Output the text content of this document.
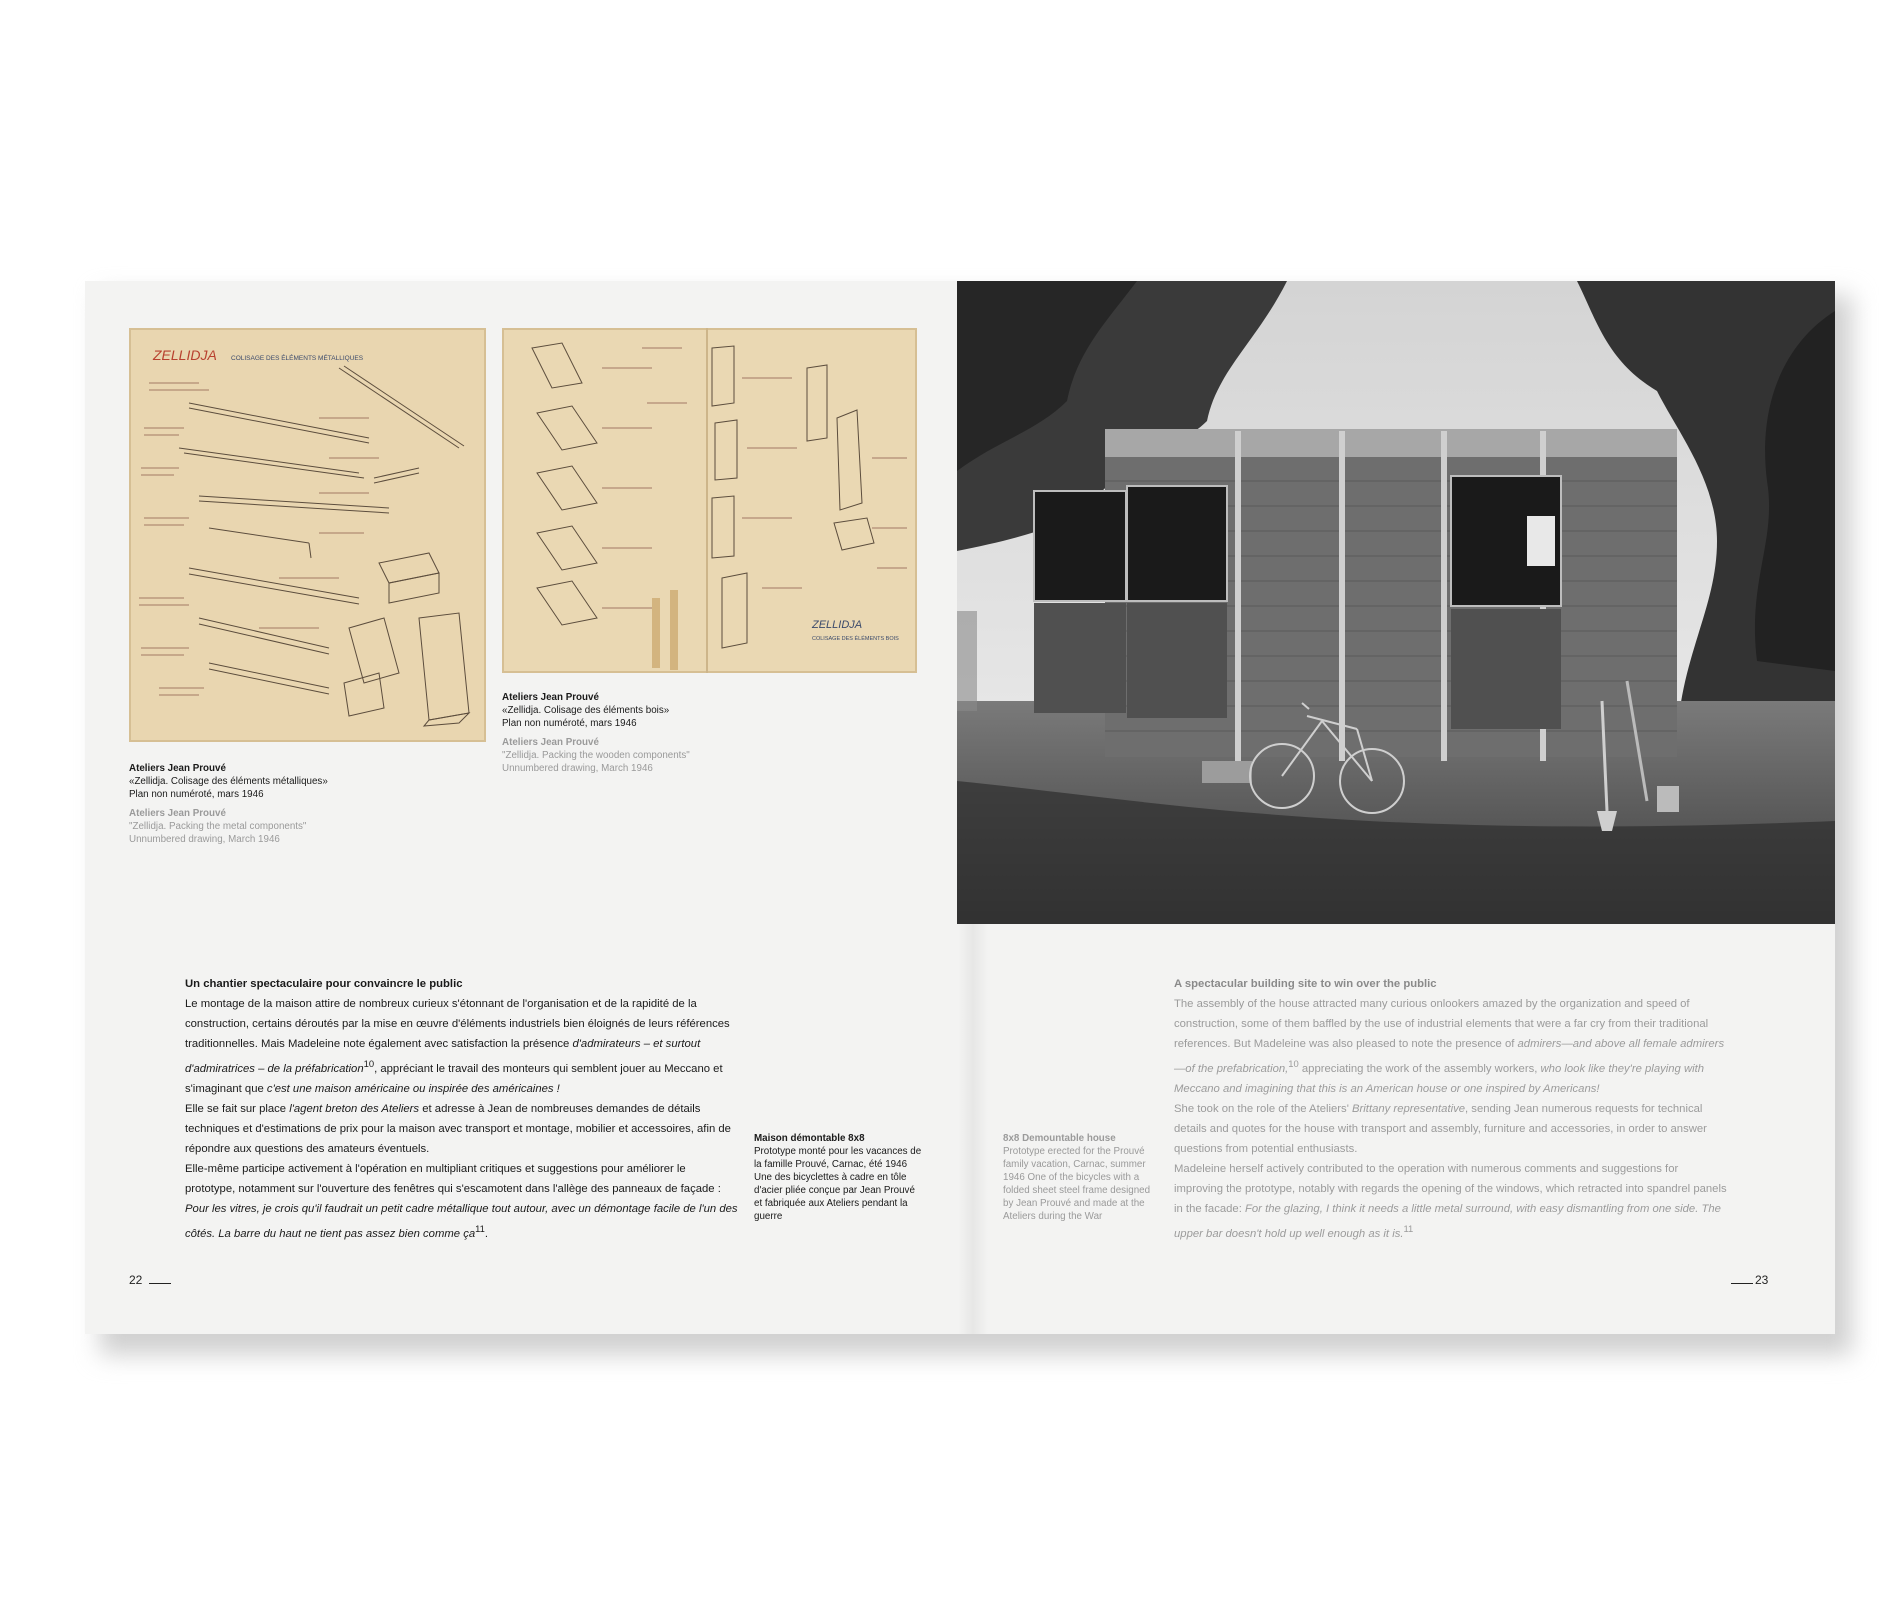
ZELLIDJA COLISAGE DES ÉLÉMENTS MÉTALLIQUES
ZELLIDJA
COLISAGE DES ÉLÉMENTS BOIS
Ateliers Jean Prouvé
«Zellidja. Colisage des éléments métalliques»
Plan non numéroté, mars 1946
Ateliers Jean Prouvé
"Zellidja. Packing the metal components"
Unnumbered drawing, March 1946
Ateliers Jean Prouvé
«Zellidja. Colisage des éléments bois»
Plan non numéroté, mars 1946
Ateliers Jean Prouvé
"Zellidja. Packing the wooden components"
Unnumbered drawing, March 1946
Un chantier spectaculaire pour convaincre le public
Le montage de la maison attire de nombreux curieux s'étonnant de l'organisation et de la rapidité de la construction, certains déroutés par la mise en œuvre d'éléments industriels bien éloignés de leurs références traditionnelles. Mais Madeleine note également avec satisfaction la présence d'admirateurs – et surtout d'admiratrices – de la préfabrication$^{10}$, appréciant le travail des monteurs qui semblent jouer au Meccano et s'imaginant que c'est une maison américaine ou inspirée des américaines !
Elle se fait sur place l'agent breton des Ateliers et adresse à Jean de nombreuses demandes de détails techniques et d'estimations de prix pour la maison avec transport et montage, mobilier et accessoires, afin de répondre aux questions des amateurs éventuels.
Elle-même participe activement à l'opération en multipliant critiques et suggestions pour améliorer le prototype, notamment sur l'ouverture des fenêtres qui s'escamotent dans l'allège des panneaux de façade : Pour les vitres, je crois qu'il faudrait un petit cadre métallique tout autour, avec un démontage facile de l'un des côtés. La barre du haut ne tient pas assez bien comme $ça^{11}$.
Maison démontable 8x8
Prototype monté pour les vacances de la famille Prouvé, Carnac, été 1946 Une des bicyclettes à cadre en tôle d'acier pliée conçue par Jean Prouvé et fabriquée aux Ateliers pendant la guerre
8x8 Demountable house
Prototype erected for the Prouvé family vacation, Carnac, summer 1946 One of the bicycles with a folded sheet steel frame designed by Jean Prouvé and made at the Ateliers during the War
A spectacular building site to win over the public
The assembly of the house attracted many curious onlookers amazed by the organization and speed of construction, some of them baffled by the use of industrial elements that were a far cry from their traditional references. But Madeleine was also pleased to note the presence of admirers—and above all female admirers—of the prefabrication,$^{10}$ appreciating the work of the assembly workers, who look like they're playing with Meccano and imagining that this is an American house or one inspired by Americans!
She took on the role of the Ateliers' Brittany representative, sending Jean numerous requests for technical details and quotes for the house with transport and assembly, furniture and accessories, in order to answer questions from potential enthusiasts.
Madeleine herself actively contributed to the operation with numerous comments and suggestions for improving the prototype, notably with regards the opening of the windows, which retracted into spandrel panels in the facade: For the glazing, I think it needs a little metal surround, with easy dismantling from one side. The upper bar doesn't hold up well enough as it is.$^{11}$
22	23
